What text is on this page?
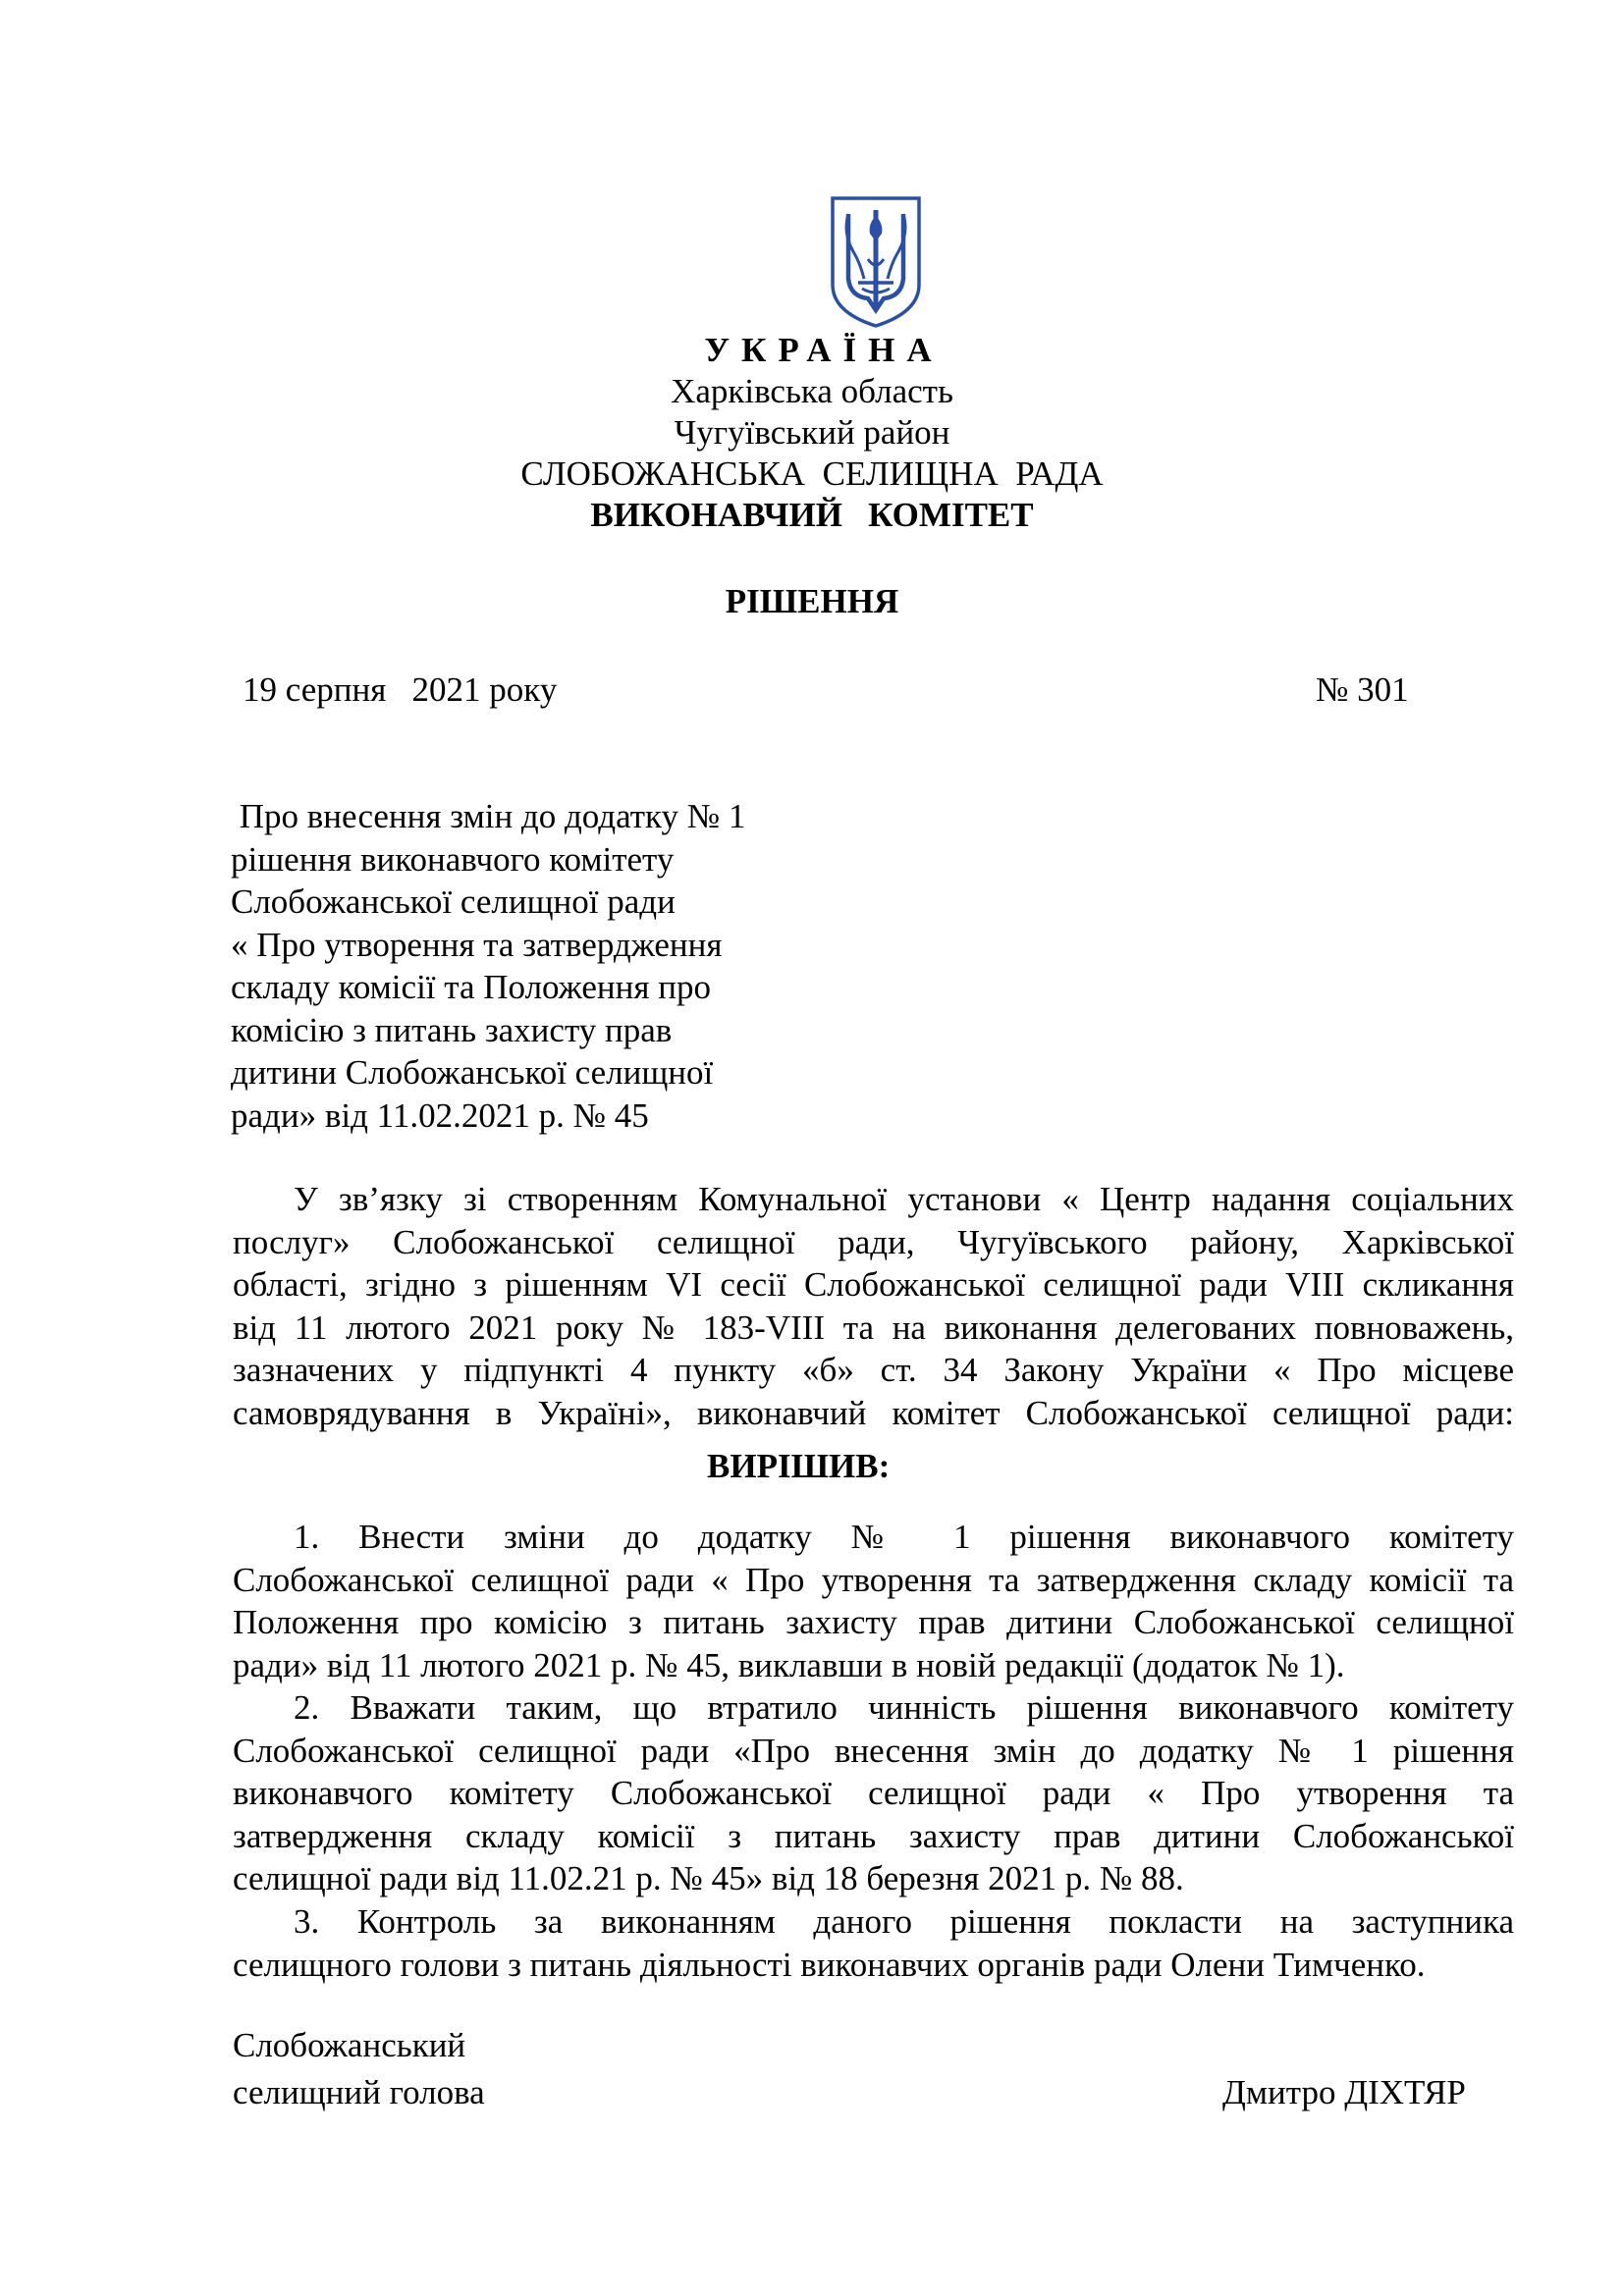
УКРАЇНА
Харківська область
Чугуївський район
СЛОБОЖАНСЬКА  СЕЛИЩНА  РАДА
ВИКОНАВЧИЙ   КОМІТЕТ
РІШЕННЯ
19 серпня   2021 року	№ 301
Про внесення змін до додатку № 1
рішення виконавчого комітету
Слобожанської селищної ради
« Про утворення та затвердження
складу комісії та Положення про
комісію з питань захисту прав
дитини Слобожанської селищної
ради» від 11.02.2021 р. № 45
У зв’язку зі створенням Комунальної установи « Центр надання соціальних
послуг» Слобожанської селищної ради, Чугуївського району, Харківської
області, згідно з рішенням VI сесії Слобожанської селищної ради VIII скликання
від 11 лютого 2021 року № 183-VIII та на виконання делегованих повноважень,
зазначених у підпункті 4 пункту «б» ст. 34 Закону України « Про місцеве
самоврядування в Україні», виконавчий комітет Слобожанської селищної ради:
ВИРІШИВ:
1. Внести зміни до додатку № 1 рішення виконавчого комітету
Слобожанської селищної ради « Про утворення та затвердження складу комісії та
Положення про комісію з питань захисту прав дитини Слобожанської селищної
ради» від 11 лютого 2021 р. № 45, виклавши в новій редакції (додаток № 1).
2. Вважати таким, що втратило чинність рішення виконавчого комітету
Слобожанської селищної ради «Про внесення змін до додатку № 1 рішення
виконавчого комітету Слобожанської селищної ради « Про утворення та
затвердження складу комісії з питань захисту прав дитини Слобожанської
селищної ради від 11.02.21 р. № 45» від 18 березня 2021 р. № 88.
3. Контроль за виконанням даного рішення покласти на заступника
селищного голови з питань діяльності виконавчих органів ради Олени Тимченко.
Слобожанський
селищний голова	Дмитро ДІХТЯР
